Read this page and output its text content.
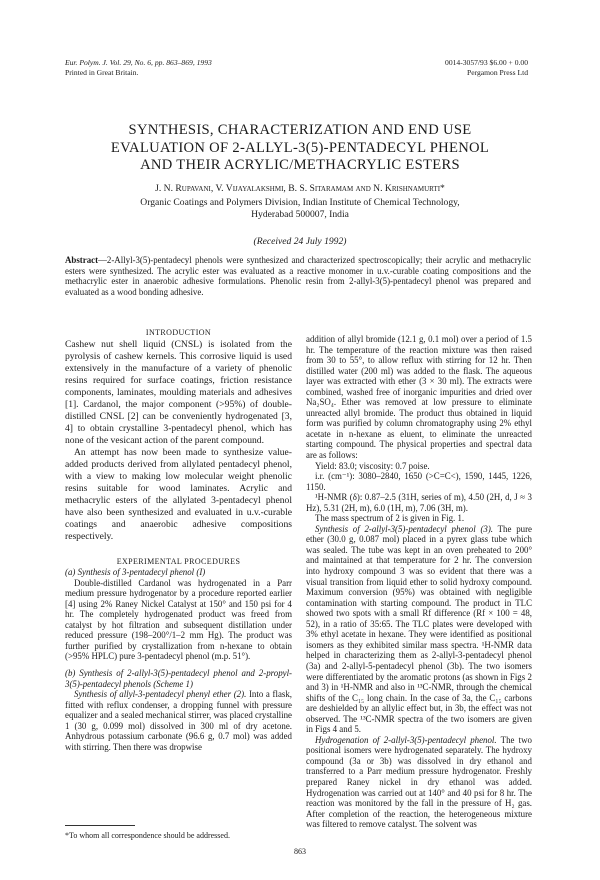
Eur. Polym. J. Vol. 29, No. 6, pp. 863–869, 1993
Printed in Great Britain.
0014-3057/93 $6.00 + 0.00
Pergamon Press Ltd
SYNTHESIS, CHARACTERIZATION AND END USE
EVALUATION OF 2-ALLYL-3(5)-PENTADECYL PHENOL
AND THEIR ACRYLIC/METHACRYLIC ESTERS
J. N. Rupavani, V. Vijayalakshmi, B. S. Sitaramam and N. Krishnamurti*
Organic Coatings and Polymers Division, Indian Institute of Chemical Technology,
Hyderabad 500007, India
(Received 24 July 1992)
Abstract—2-Allyl-3(5)-pentadecyl phenols were synthesized and characterized spectroscopically; their acrylic and methacrylic esters were synthesized. The acrylic ester was evaluated as a reactive monomer in u.v.-curable coating compositions and the methacrylic ester in anaerobic adhesive formulations. Phenolic resin from 2-allyl-3(5)-pentadecyl phenol was prepared and evaluated as a wood bonding adhesive.

INTRODUCTION

Cashew nut shell liquid (CNSL) is isolated from the pyrolysis of cashew kernels. This corrosive liquid is used extensively in the manufacture of a variety of phenolic resins required for surface coatings, friction resistance components, laminates, moulding materials and adhesives [1]. Cardanol, the major component (>95%) of double-distilled CNSL [2] can be conveniently hydrogenated [3, 4] to obtain crystalline 3-pentadecyl phenol, which has none of the vesicant action of the parent compound.

An attempt has now been made to synthesize value-added products derived from allylated pentadecyl phenol, with a view to making low molecular weight phenolic resins suitable for wood laminates. Acrylic and methacrylic esters of the allylated 3-pentadecyl phenol have also been synthesized and evaluated in u.v.-curable coatings and anaerobic adhesive compositions respectively.

EXPERIMENTAL PROCEDURES

(a) Synthesis of 3-pentadecyl phenol (I)

Double-distilled Cardanol was hydrogenated in a Parr medium pressure hydrogenator by a procedure reported earlier [4] using 2% Raney Nickel Catalyst at 150° and 150 psi for 4 hr. The completely hydrogenated product was freed from catalyst by hot filtration and subsequent distillation under reduced pressure (198–200°/1–2 mm Hg). The product was further purified by crystallization from n-hexane to obtain (>95% HPLC) pure 3-pentadecyl phenol (m.p. 51°).

(b) Synthesis of 2-allyl-3(5)-pentadecyl phenol and 2-propyl-3(5)-pentadecyl phenols (Scheme 1)

Synthesis of allyl-3-pentadecyl phenyl ether (2). Into a flask, fitted with reflux condenser, a dropping funnel with pressure equalizer and a sealed mechanical stirrer, was placed crystalline 1 (30 g, 0.099 mol) dissolved in 300 ml of dry acetone. Anhydrous potassium carbonate (96.6 g, 0.7 mol) was added with stirring. Then there was dropwise

*To whom all correspondence should be addressed.

addition of allyl bromide (12.1 g, 0.1 mol) over a period of 1.5 hr. The temperature of the reaction mixture was then raised from 30 to 55°, to allow reflux with stirring for 12 hr. Then distilled water (200 ml) was added to the flask. The aqueous layer was extracted with ether (3 × 30 ml). The extracts were combined, washed free of inorganic impurities and dried over Na₂SO₄. Ether was removed at low pressure to eliminate unreacted allyl bromide. The product thus obtained in liquid form was purified by column chromatography using 2% ethyl acetate in n-hexane as eluent, to eliminate the unreacted starting compound. The physical properties and spectral data are as follows:

Yield: 83.0; viscosity: 0.7 poise.

i.r. (cm⁻¹): 3080–2840, 1650 (>C=C<), 1590, 1445, 1226, 1150.

¹H-NMR (δ): 0.87–2.5 (31H, series of m), 4.50 (2H, d, J ≈ 3 Hz), 5.31 (2H, m), 6.0 (1H, m), 7.06 (3H, m).

The mass spectrum of 2 is given in Fig. 1.

Synthesis of 2-allyl-3(5)-pentadecyl phenol (3). The pure ether (30.0 g, 0.087 mol) placed in a pyrex glass tube which was sealed. The tube was kept in an oven preheated to 200° and maintained at that temperature for 2 hr. The conversion into hydroxy compound 3 was so evident that there was a visual transition from liquid ether to solid hydroxy compound. Maximum conversion (95%) was obtained with negligible contamination with starting compound. The product in TLC showed two spots with a small Rf difference (Rf × 100 = 48, 52), in a ratio of 35:65. The TLC plates were developed with 3% ethyl acetate in hexane. They were identified as positional isomers as they exhibited similar mass spectra. ¹H-NMR data helped in characterizing them as 2-allyl-3-pentadecyl phenol (3a) and 2-allyl-5-pentadecyl phenol (3b). The two isomers were differentiated by the aromatic protons (as shown in Figs 2 and 3) in ¹H-NMR and also in ¹³C-NMR, through the chemical shifts of the C₁₅ long chain. In the case of 3a, the C₁₅ carbons are deshielded by an allylic effect but, in 3b, the effect was not observed. The ¹³C-NMR spectra of the two isomers are given in Figs 4 and 5.

Hydrogenation of 2-allyl-3(5)-pentadecyl phenol. The two positional isomers were hydrogenated separately. The hydroxy compound (3a or 3b) was dissolved in dry ethanol and transferred to a Parr medium pressure hydrogenator. Freshly prepared Raney nickel in dry ethanol was added. Hydrogenation was carried out at 140° and 40 psi for 8 hr. The reaction was monitored by the fall in the pressure of H₂ gas. After completion of the reaction, the heterogeneous mixture was filtered to remove catalyst. The solvent was

863
